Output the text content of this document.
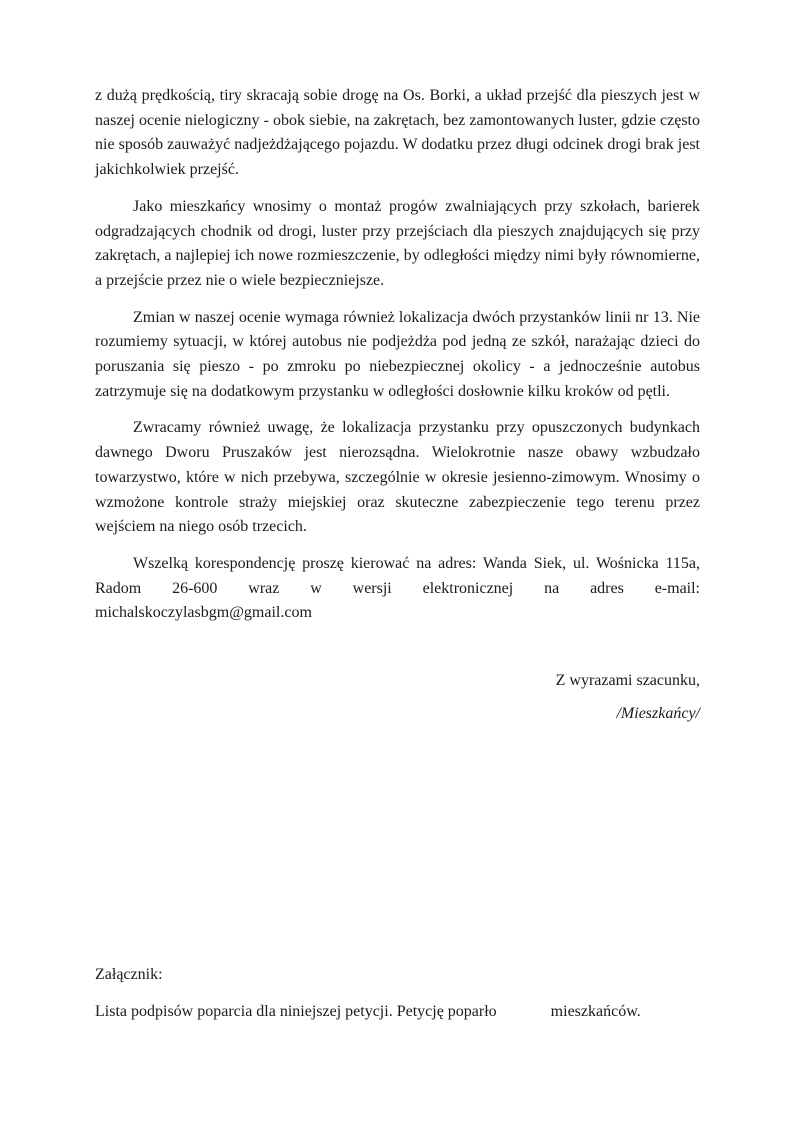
z dużą prędkością, tiry skracają sobie drogę na Os. Borki, a układ przejść dla pieszych jest w naszej ocenie nielogiczny - obok siebie, na zakrętach, bez zamontowanych luster, gdzie często nie sposób zauważyć nadjeżdżającego pojazdu. W dodatku przez długi odcinek drogi brak jest jakichkolwiek przejść.

Jako mieszkańcy wnosimy o montaż progów zwalniających przy szkołach, barierek odgradzających chodnik od drogi, luster przy przejściach dla pieszych znajdujących się przy zakrętach, a najlepiej ich nowe rozmieszczenie, by odległości między nimi były równomierne, a przejście przez nie o wiele bezpieczniejsze.

Zmian w naszej ocenie wymaga również lokalizacja dwóch przystanków linii nr 13. Nie rozumiemy sytuacji, w której autobus nie podjeżdża pod jedną ze szkół, narażając dzieci do poruszania się pieszo - po zmroku po niebezpiecznej okolicy - a jednocześnie autobus zatrzymuje się na dodatkowym przystanku w odległości dosłownie kilku kroków od pętli.

Zwracamy również uwagę, że lokalizacja przystanku przy opuszczonych budynkach dawnego Dworu Pruszaków jest nierozsądna. Wielokrotnie nasze obawy wzbudzało towarzystwo, które w nich przebywa, szczególnie w okresie jesienno-zimowym. Wnosimy o wzmożone kontrole straży miejskiej oraz skuteczne zabezpieczenie tego terenu przez wejściem na niego osób trzecich.

Wszelką korespondencję proszę kierować na adres: Wanda Siek, ul. Wośnicka 115a, Radom 26-600 wraz w wersji elektronicznej na adres e-mail: michalskoczylasbgm@gmail.com

Z wyrazami szacunku,

/Mieszkańcy/

Załącznik:

Lista podpisów poparcia dla niniejszej petycji. Petycję poparło	mieszkańców.
